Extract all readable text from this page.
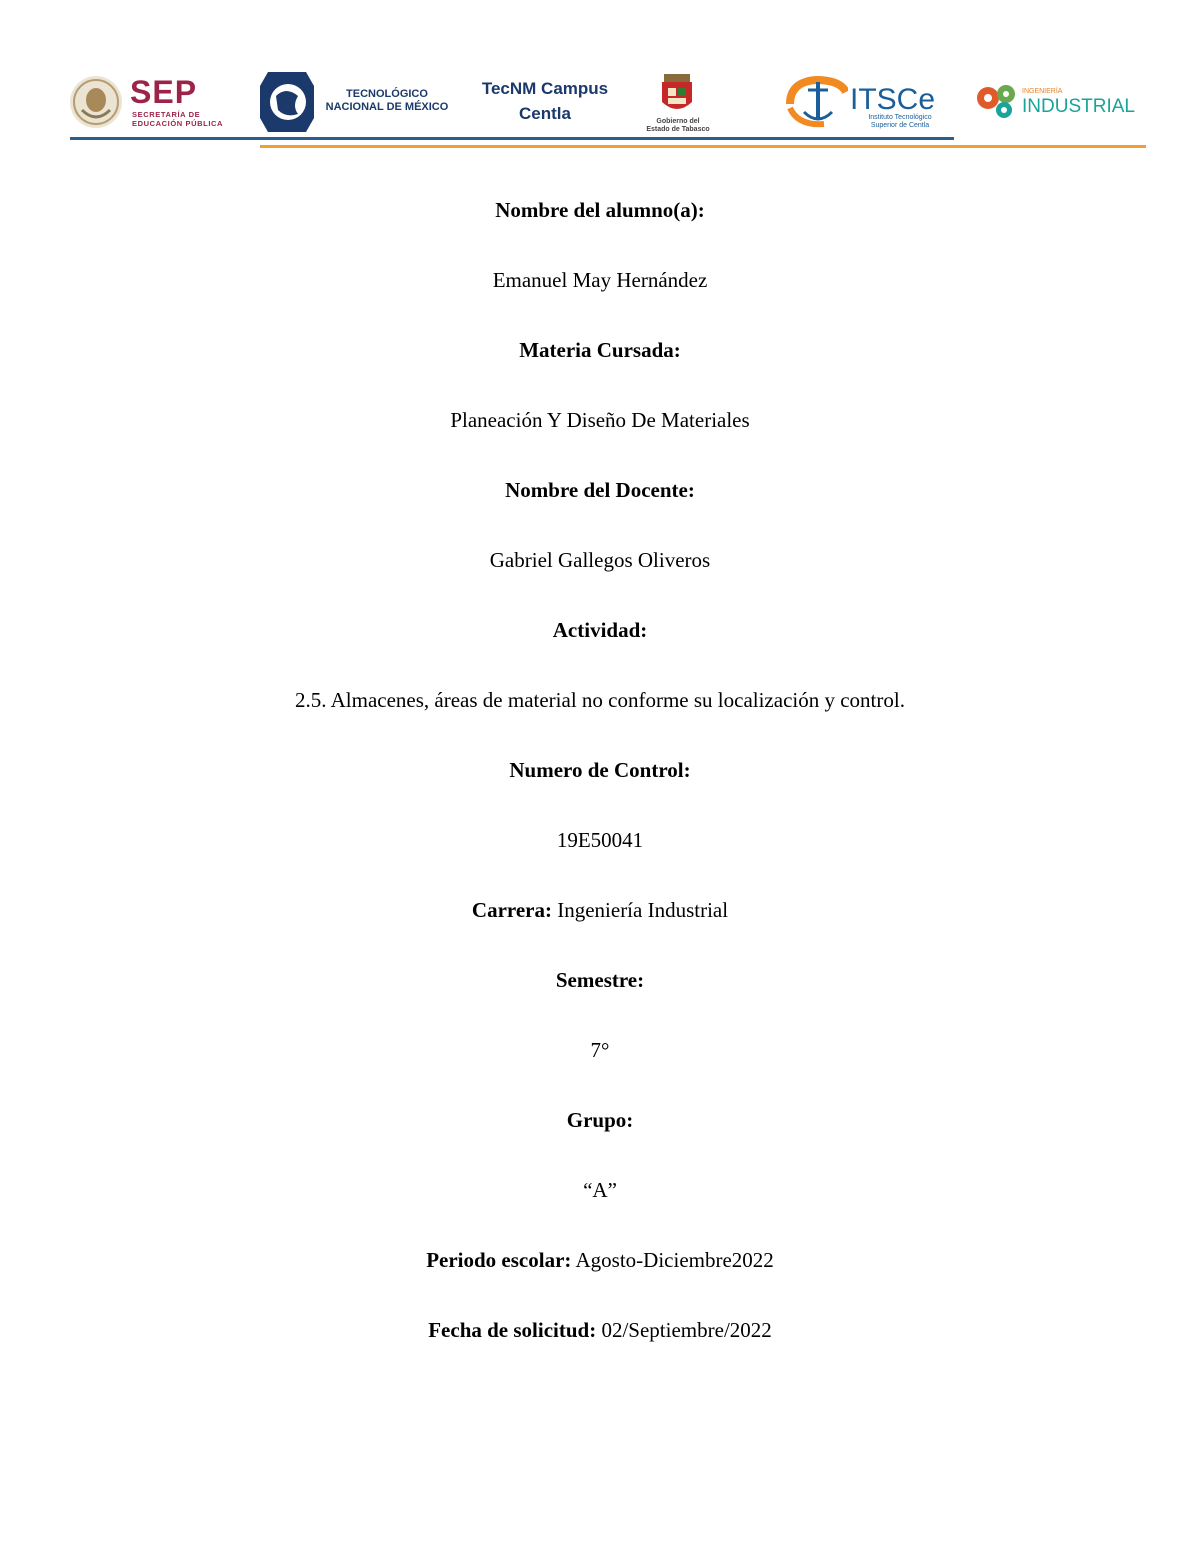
SEP
SECRETARÍA DE
EDUCACIÓN PÚBLICA
TECNOLÓGICO
NACIONAL DE MÉXICO
TecNM Campus
Centla	Gobierno del
Estado de Tabasco
ITSCe
Instituto Tecnológico
Superior de Centla
INGENIERÍA
INDUSTRIAL

Nombre del alumno(a):

Emanuel May Hernández

Materia Cursada:

Planeación Y Diseño De Materiales

Nombre del Docente:

Gabriel Gallegos Oliveros

Actividad:

2.5. Almacenes, áreas de material no conforme su localización y control.

Numero de Control:

19E50041

Carrera: Ingeniería Industrial

Semestre:

7°

Grupo:

“A”

Periodo escolar: Agosto-Diciembre2022

Fecha de solicitud: 02/Septiembre/2022
